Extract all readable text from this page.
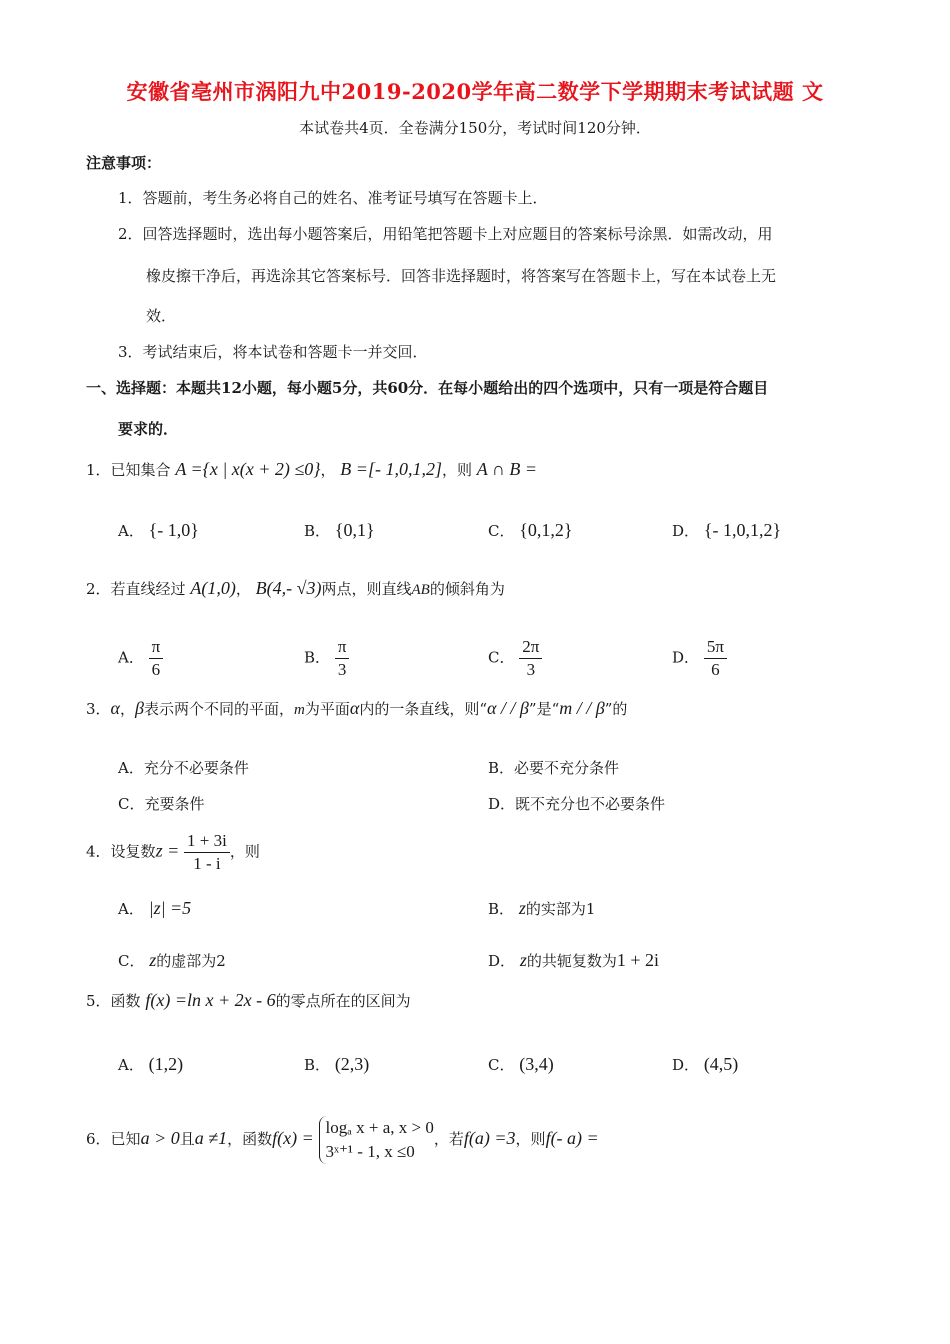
安徽省亳州市涡阳九中2019-2020学年高二数学下学期期末考试试题 文
本试卷共4页．全卷满分150分，考试时间120分钟．
注意事项：
1．答题前，考生务必将自己的姓名、准考证号填写在答题卡上．
2．回答选择题时，选出每小题答案后，用铅笔把答题卡上对应题目的答案标号涂黑．如需改动，用
橡皮擦干净后，再选涂其它答案标号．回答非选择题时，将答案写在答题卡上，写在本试卷上无
效．
3．考试结束后，将本试卷和答题卡一并交回．
一、选择题：本题共12小题，每小题5分，共60分．在每小题给出的四个选项中，只有一项是符合题目
要求的．
1．已知集合 A ={x | x(x + 2) ≤0}， B =[- 1,0,1,2]，则 A ∩ B =
A． {- 1,0}	B． {0,1}	C． {0,1,2}	D． {- 1,0,1,2}
2．若直线经过 A(1,0)， B(4,- √3)两点，则直线AB的倾斜角为
A． $\frac{\pi}{6}$	B． $\frac{\pi}{3}$	C． $\frac{2\pi}{3}$	D． $\frac{5\pi}{6}$
3．α，β表示两个不同的平面，m为平面α内的一条直线，则“α / / β”是“m / / β”的
A．充分不必要条件	B．必要不充分条件
C．充要条件	D．既不充分也不必要条件
4．设复数$z = \frac{1 + 3i}{1 - i}$ ，则
A． |z| =5	B． z的实部为1
C． z的虚部为2	D． z的共轭复数为1 + 2i
5．函数 f(x) =ln x + 2x - 6的零点所在的区间为
A． (1,2)	B． (2,3)	C． (3,4)	D． (4,5)
6．已知a > 0且a ≠1，函数f(x) =
logₐ x + a, x > 0
3ˣ⁺¹ - 1, x ≤0
，若f(a) =3，则f(- a) =
